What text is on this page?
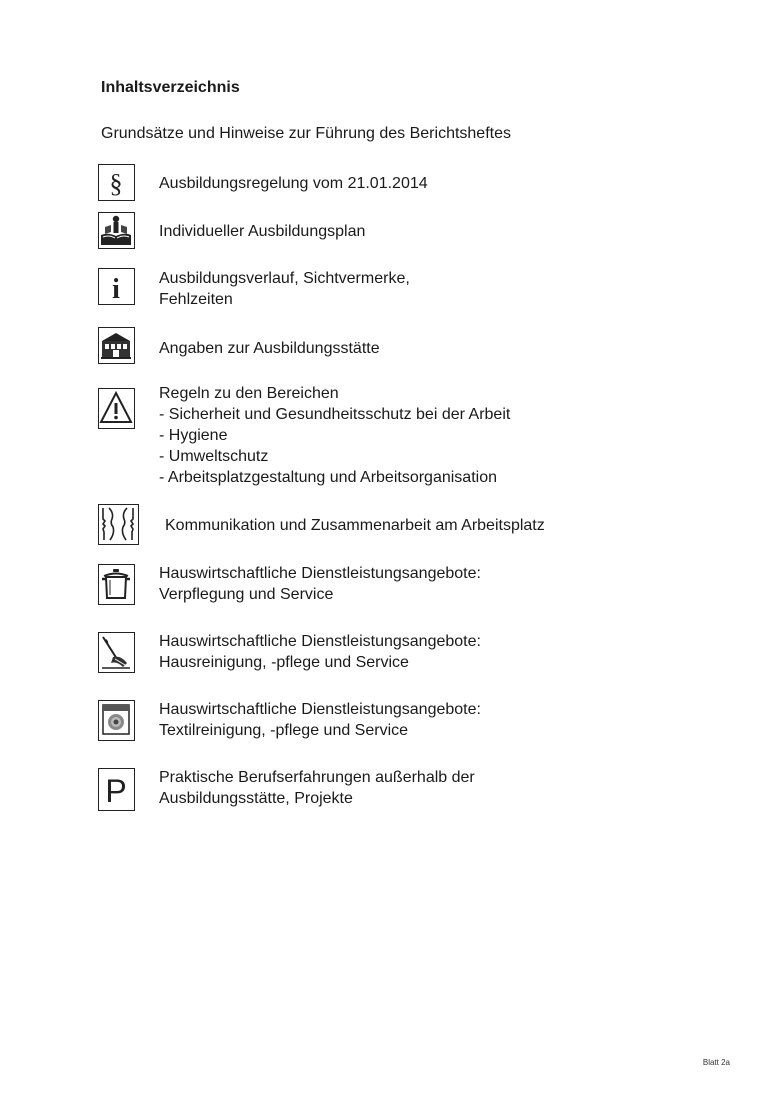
Inhaltsverzeichnis
Grundsätze und Hinweise zur Führung des Berichtsheftes
§ Ausbildungsregelung vom 21.01.2014
Individueller Ausbildungsplan
i Ausbildungsverlauf, Sichtvermerke,
Fehlzeiten
Angaben zur Ausbildungsstätte
Regeln zu den Bereichen
- Sicherheit und Gesundheitsschutz bei der Arbeit
- Hygiene
- Umweltschutz
- Arbeitsplatzgestaltung und Arbeitsorganisation
Kommunikation und Zusammenarbeit am Arbeitsplatz
Hauswirtschaftliche Dienstleistungsangebote:
Verpflegung und Service
Hauswirtschaftliche Dienstleistungsangebote:
Hausreinigung, -pflege und Service
Hauswirtschaftliche Dienstleistungsangebote:
Textilreinigung, -pflege und Service
P Praktische Berufserfahrungen außerhalb der
Ausbildungsstätte, Projekte
Blatt 2a
